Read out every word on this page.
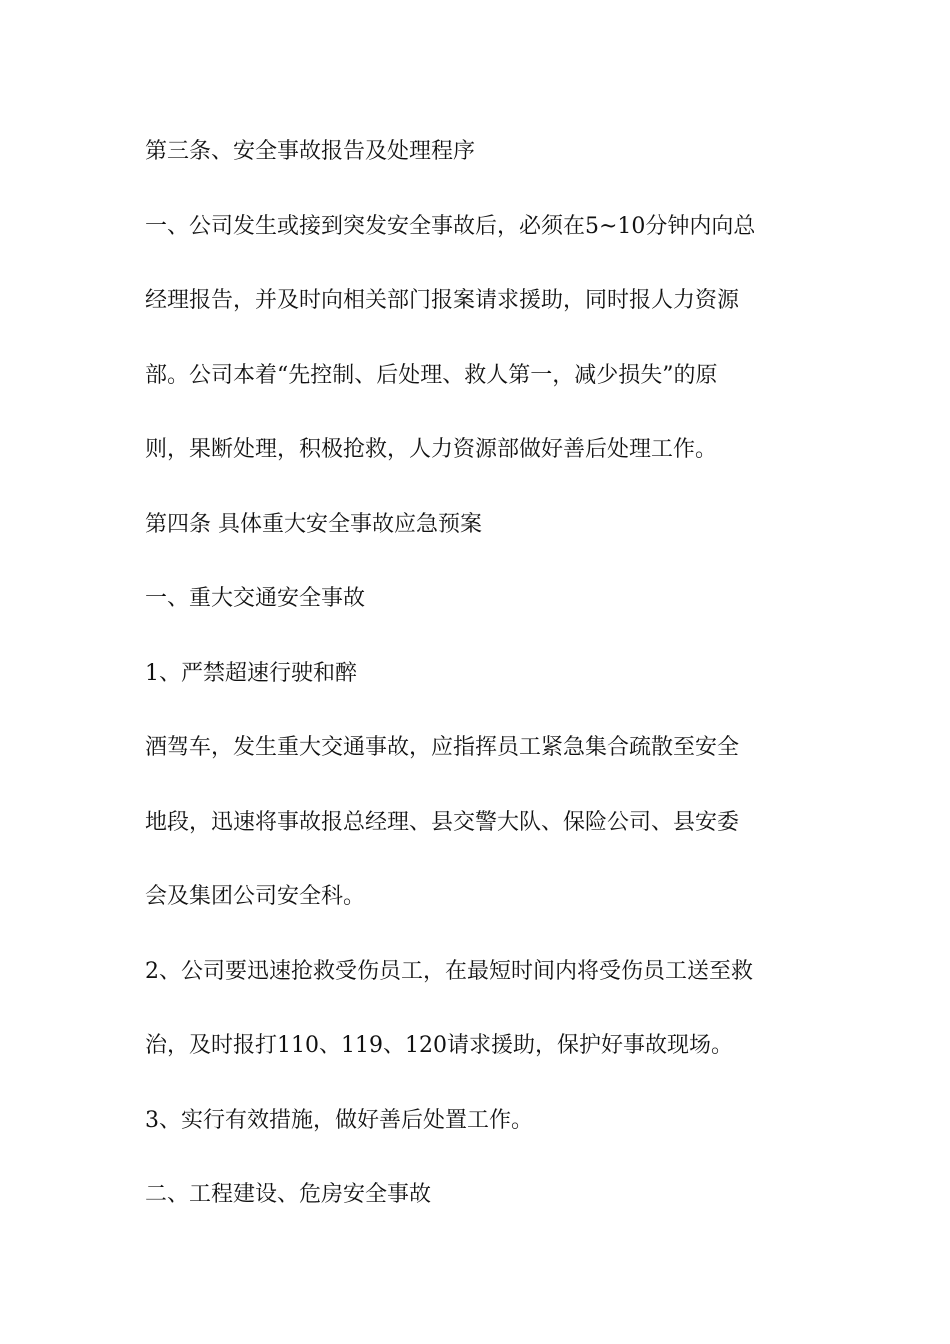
第三条、安全事故报告及处理程序
一、公司发生或接到突发安全事故后，必须在5~10分钟内向总
经理报告，并及时向相关部门报案请求援助，同时报人力资源
部。公司本着“先控制、后处理、救人第一，减少损失”的原
则，果断处理，积极抢救，人力资源部做好善后处理工作。
第四条 具体重大安全事故应急预案
一、重大交通安全事故
1、严禁超速行驶和醉
酒驾车，发生重大交通事故，应指挥员工紧急集合疏散至安全
地段，迅速将事故报总经理、县交警大队、保险公司、县安委
会及集团公司安全科。
2、公司要迅速抢救受伤员工，在最短时间内将受伤员工送至救
治，及时报打110、119、120请求援助，保护好事故现场。
3、实行有效措施，做好善后处置工作。
二、工程建设、危房安全事故
